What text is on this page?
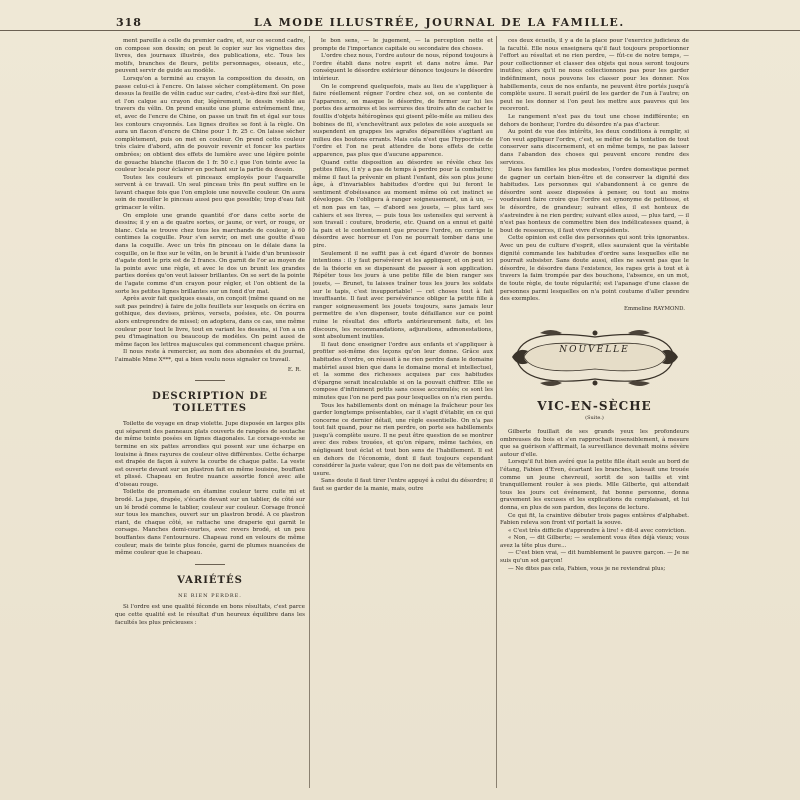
318	LA MODE ILLUSTRÉE, JOURNAL DE LA FAMILLE.

ment pareille à celle du premier cadre, et, sur ce second cadre, on compose son dessin; on peut le copier sur les vignettes des livres, des journaux illustrés, des publications, etc. Tous les motifs, branches de fleurs, petits personnages, oiseaux, etc., peuvent servir de guide au modèle.

Lorsqu'on a terminé au crayon la composition du dessin, on passe celui-ci à l'encre. On laisse sécher complètement. On pose dessus la feuille de vélin caduc sur cadre, c'est-à-dire fixé sur filet, et l'on calque au crayon dur, légèrement, le dessin visible au travers du vélin. On prend ensuite une plume extrêmement fine, et, avec de l'encre de Chine, on passe un trait fin et égal sur tous les contours crayonnés. Les lignes droites se font à la règle. On aura un flacon d'encre de Chine pour 1 fr. 25 c. On laisse sécher complètement, puis on met en couleur. On prend cette couleur très claire d'abord, afin de pouvoir revenir et foncer les parties ombrées; on obtient des effets de lumière avec une légère pointe de gouache blanche (flacon de 1 fr. 50 c.) que l'on teinte avec la couleur locale pour éclairer en pochant sur la partie du dessin.

Toutes les couleurs et pinceaux employés pour l'aquarelle servent à ce travail. Un seul pinceau très fin peut suffire en le lavant chaque fois que l'on emploie une nouvelle couleur. On aura soin de mouiller le pinceau aussi peu que possible; trop d'eau fait grimacer le vélin.

On emploie une grande quantité d'or dans cette sorte de dessins; il y en a de quatre sortes, or jaune, or vert, or rouge, or blanc. Cela se trouve chez tous les marchands de couleur, à 60 centimes la coquille. Pour s'en servir, on met une goutte d'eau dans la coquille. Avec un très fin pinceau on le délaie dans la coquille, on le fixe sur le vélin, on le brunit à l'aide d'un brunissoir d'agate dont le prix est de 2 francs. On garnit de l'or au moyen de la pointe avec une règle, et avec le dos un brunit les grandes parties dorées qu'on veut laisser brillantes. On se sert de la pointe de l'agate comme d'un crayon pour régler, et l'on obtient de la sorte les petites lignes brillantes sur un fond d'or mat.

Après avoir fait quelques essais, on conçoit (même quand on ne sait pas peindre) à faire de jolis feuillets sur lesquels on écrira en gothique, des devises, prières, versets, poésies, etc. On pourra alors entreprendre de missel; on adoptera, dans ce cas, une même couleur pour tout le livre, tout en variant les dessins, si l'on a un peu d'imagination ou beaucoup de modèles. On peint aussi de même façon les lettres majuscules qui commencent chaque prière.

Il nous reste à remercier, au nom des abonnées et du journal, l'aimable Mme X***, qui a bien voulu nous signaler ce travail.

E. R.
DESCRIPTION DE TOILETTES

Toilette de voyage en drap violette. Jupe disposée en larges plis qui séparent des panneaux plats couverts de rangées de soutache de même teinte posées en lignes diagonales. Le corsage-veste se termine en six pattes arrondies qui posent sur une écharpe en louisine à fines rayures de couleur olive différentes. Cette écharpe est drapée de façon à suivre la courbe de chaque patte. La veste est ouverte devant sur un plastron fait en même louisine, bouffant et plissé. Chapeau en feutre nuance assortie foncé avec aile d'oiseau rouge.

Toilette de promenade en étamine couleur terre cuite mi et brodé. La jupe, drapée, s'écarte devant sur un tablier, de côté sur un lé brodé comme le tablier, couleur sur couleur. Corsage froncé sur tous les manches, ouvert sur un plastron brodé. A ce plastron riant, de chaque côté, se rattache une draperie qui garnit le corsage. Manches demi-courtes, avec revers brodé, et un peu bouffantes dans l'entournure. Chapeau rond en velours de même couleur, mais de teinte plus foncée, garni de plumes nuancées de même couleur que le chapeau.

VARIÉTÉS
NE RIEN PERDRE.

Si l'ordre est une qualité féconde en bons résultats, c'est parce que cette qualité est le résultat d'un heureux équilibre dans les facultés les plus précieuses :

le bon sens, — le jugement, — la perception nette et prompte de l'importance capitale ou secondaire des choses.

L'ordre chez nous, l'ordre autour de nous, répond toujours à l'ordre établi dans notre esprit et dans notre âme. Par conséquent le désordre extérieur dénonce toujours le désordre intérieur.

On le comprend quelquefois, mais au lieu de s'appliquer à faire réellement régner l'ordre chez soi, on se contente de l'apparence, on masque le désordre, de fermer sur lui les portes des armoires et les serrures des tiroirs afin de cacher le fouillis d'objets hétérogènes qui gisent pêle-mêle au milieu des bobines de fil, s'enchevêtrant aux pelotes de soie auxquels se suspendent en grappes les agrafes dépareillées s'agitant au milieu des boutons errants. Mais cela n'est que l'hypocrisie de l'ordre et l'on ne peut attendre de bons effets de cette apparence, pas plus que d'aucune apparence.

Quand cette disposition au désordre se révèle chez les petites filles, il n'y a pas de temps à perdre pour la combattre; même il faut la prévenir en pliant l'enfant, dès son plus jeune âge, à d'invariables habitudes d'ordre qui lui feront le sentiment d'obéissance au moment même où cet instinct se développe. On l'obligera à ranger soigneusement, un à un, — et non pas en tas, — d'abord ses jouets, — plus tard ses cahiers et ses livres, — puis tous les ustensiles qui servent à son travail : couture, broderie, etc. Quand on a ennui et gaité la paix et le contentement que procure l'ordre, on corrige le désordre avec horreur et l'on ne pourrait tomber dans une pire.

Seulement il ne suffit pas à cet égard d'avoir de bonnes intentions : il y faut persévérer et les appliquer, et on peut ici de la théorie en se dispensant de passer à son application. Répéter tous les jours à une petite fille de bien ranger ses jouets, — Brunet, tu laisses traîner tous les jours les soldats sur le tapis, c'est insupportable! — cet choses tout à fait insuffisante. Il faut avec persévérance obliger la petite fille à ranger soigneusement les jouets toujours, sans jamais leur permettre de s'en dispenser, toute défaillance sur ce point ruine le résultat des efforts antérieurement faits, et les discours, les recommandations, adjurations, admonestations, sont absolument inutiles.

Il faut donc enseigner l'ordre aux enfants et s'appliquer à profiter soi-même des leçons qu'on leur donne. Grâce aux habitudes d'ordre, on réussit à ne rien perdre dans le domaine matériel aussi bien que dans le domaine moral et intellectuel, et la somme des richesses acquises par ces habitudes d'épargne serait incalculable si on la pouvait chiffrer. Elle se compose d'infiniment petits sans cesse accumulés; ce sont les minutes que l'on ne perd pas pour lesquelles on n'a rien perdu.

Tous les habillements dont on ménage la fraîcheur pour les garder longtemps présentables, car il s'agit d'établir, en ce qui concerne ce dernier détail, une règle essentielle. On n'a pas tout fait quand, pour ne rien perdre, on porte ses habillements jusqu'à complète usure. Il ne peut être question de se montrer avec des robes trouées, et qu'on répare, même tachées, en négligeant tout éclat et tout bon sens de l'habillement. Il est en dehors de l'économie, dont il faut toujours cependant considérer la juste valeur, que l'on ne doit pas de vêtements en usure.

Sans doute il faut tirer l'entre appuyé à celui du désordre; il faut se garder de la manie, mais, outre

ces deux écueils, il y a de la place pour l'exercice judicieux de la faculté. Elle nous enseignera qu'il faut toujours proportionner l'effort au résultat et ne rien perdre, — fût-ce de notre temps, — pour collectionner et classer des objets qui nous seront toujours inutiles; alors qu'il ne nous collectionnons pas pour les garder indéfiniment, nous pouvons les classer pour les donner. Nos habillements, ceux de nos enfants, ne peuvent être portés jusqu'à complète usure. Il serait puéril de les garder de l'un à l'autre; on peut ne les donner si l'on peut les mettre aux pauvres qui les recevront.

Le rangement n'est pas du tout une chose indifférente; en dehors de bonheur, l'ordre du désordre n'a pas d'acteur.

Au point de vue des intérêts, les deux conditions à remplir, si l'on veut appliquer l'ordre, c'est, se méfier de la tentation de tout conserver sans discernement, et en même temps, ne pas laisser dans l'abandon des choses qui peuvent encore rendre des services.

Dans les familles les plus modestes, l'ordre domestique permet de gagner un certain bien-être et de conserver la dignité des habitudes. Les personnes qui s'abandonnent à ce genre de désordre sont assez disposées à penser, ou tout au moins voudraient faire croire que l'ordre est synonyme de petitesse, et le désordre, de grandeur; suivant elles, il est honteux de s'astreindre à ne rien perdre; suivant elles aussi, — plus tard, — il n'est pas honteux de commettre bien des indélicatesses quand, à bout de ressources, il faut vivre d'expédients.

Cette opinion est celle des personnes qui sont très ignorantes. Avec un peu de culture d'esprit, elles sauraient que la véritable dignité commande les habitudes d'ordre sans lesquelles elle ne pourrait subsister. Sans doute aussi, elles ne savent pas que le désordre, le désordre dans l'existence, les rapes gris à tout et à travers la faim trompée par des bouchons, l'absence, en un mot, de toute règle, de toute régularité; est l'apanage d'une classe de personnes parmi lesquelles on n'a point coutume d'aller prendre des exemples.

Emmeline RAYMOND.
NOUVELLE
VIC-EN-SÈCHE
(Suite.)

Gilberte fouillait de ses grands yeux les profondeurs ombreuses du bois et s'en rapprochait insensiblement, à mesure que sa guérison s'affirmait, la surveillance devenait moins sévère autour d'elle.

Lorsqu'il fut bien avéré que la petite fille était seule au bord de l'étang, Fabien d'Even, écartant les branches, laissait une trouée comme un jeune chevreuil, sortit de son taillis et vint tranquillement rouler à ses pieds. Mlle Gilberte, qui attendait tous les jours cet événement, fut bonne personne, donna gravement les excuses et les explications du complaisant, et lui donna, en plus de son pardon, des leçons de lecture.

Ce qui fit, la craintive débuter trois pages entières d'alphabet. Fabien releva son front vif portait la souve.

« C'est très difficile d'apprendre à lire! » dit-il avec conviction.

« Non, — dit Gilberte; — seulement vous êtes déjà vieux; vous avez la tête plus dure...

— C'est bien vrai, — dit humblement le pauvre garçon. — Je ne suis qu'un sot garçon!

— Ne dites pas cela, Fabien, vous je ne reviendrai plus;
